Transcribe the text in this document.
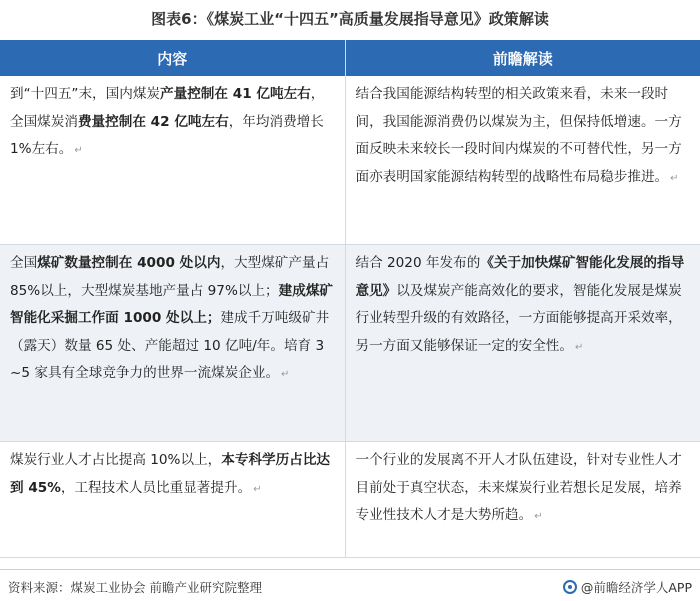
图表6：《煤炭工业“十四五”高质量发展指导意见》政策解读
内容	前瞻解读
到“十四五”末，国内煤炭产量控制在 41 亿吨左右，全国煤炭消费量控制在 42 亿吨左右，年均消费增长 1%左右。 ↵	结合我国能源结构转型的相关政策来看，未来一段时间，我国能源消费仍以煤炭为主，但保持低增速。一方面反映未来较长一段时间内煤炭的不可替代性，另一方面亦表明国家能源结构转型的战略性布局稳步推进。 ↵
全国煤矿数量控制在 4000 处以内，大型煤矿产量占 85%以上，大型煤炭基地产量占 97%以上；建成煤矿智能化采掘工作面 1000 处以上；建成千万吨级矿井（露天）数量 65 处、产能超过 10 亿吨/年。培育 3~5 家具有全球竞争力的世界一流煤炭企业。 ↵	结合 2020 年发布的《关于加快煤矿智能化发展的指导意见》以及煤炭产能高效化的要求，智能化发展是煤炭行业转型升级的有效路径，一方面能够提高开采效率，另一方面又能够保证一定的安全性。 ↵
煤炭行业人才占比提高 10%以上，本专科学历占比达到 45%，工程技术人员比重显著提升。 ↵	一个行业的发展离不开人才队伍建设，针对专业性人才目前处于真空状态，未来煤炭行业若想长足发展，培养专业性技术人才是大势所趋。 ↵
资料来源：煤炭工业协会 前瞻产业研究院整理	@前瞻经济学人APP
